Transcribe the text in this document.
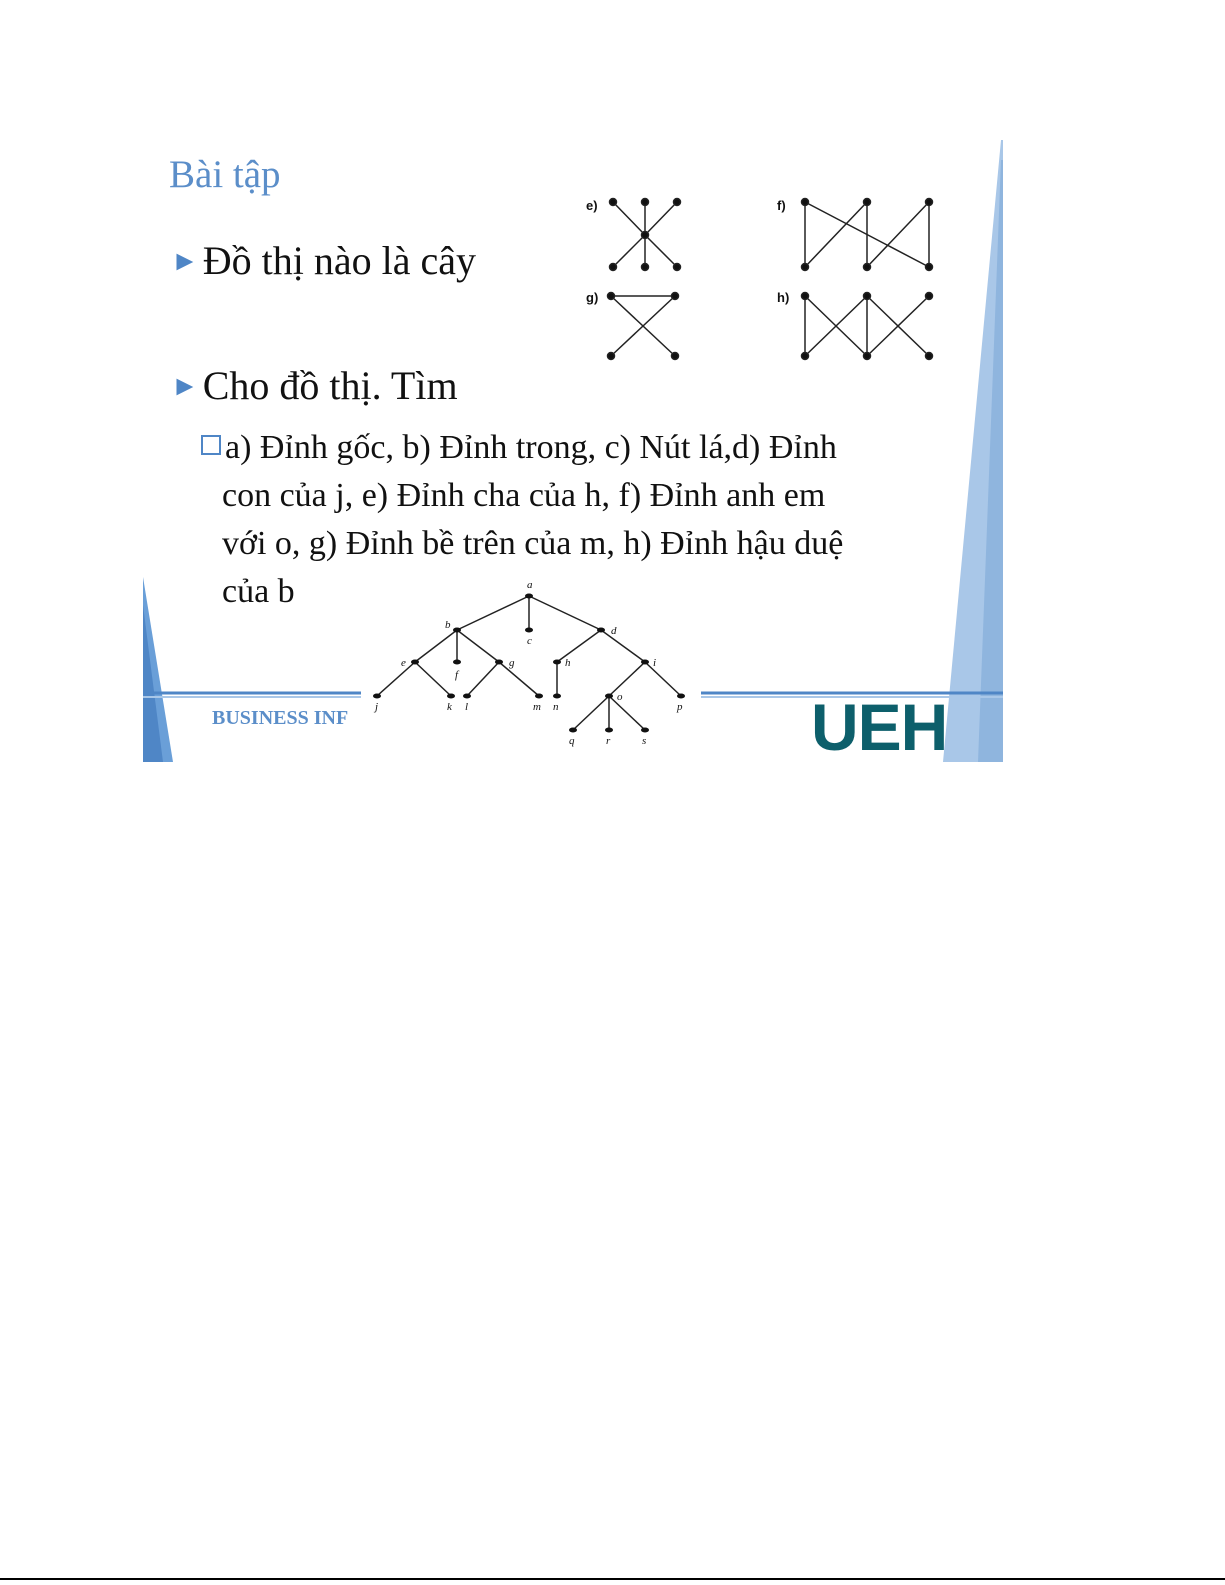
Bài tập
► Đồ thị nào là cây
► Cho đồ thị. Tìm
a) Đỉnh gốc, b) Đỉnh trong, c) Nút lá,d) Đỉnh
con của j, e) Đỉnh cha của h, f) Đỉnh anh em
với o, g) Đỉnh bề trên của m, h) Đỉnh hậu duệ
của b
e)	f)
g)	h)
a
b
c
d
e
f
g	h	i
j	k l	m n
o
p
q	r	s
BUSINESS INF	UEH
